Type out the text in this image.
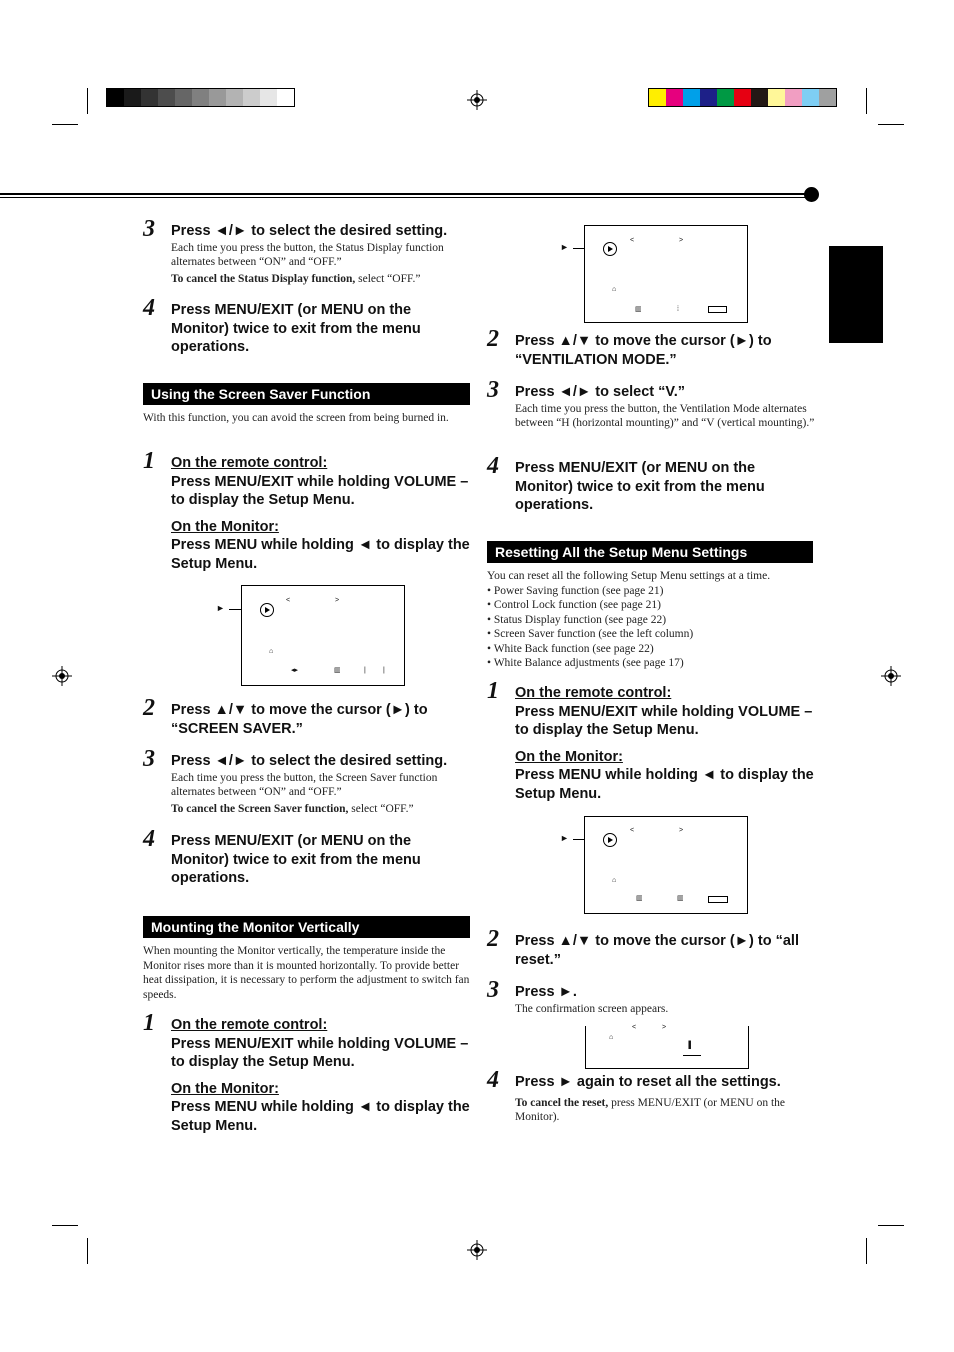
3 Press ◄/► to select the desired setting.
Each time you press the button, the Status Display function alternates between “ON” and “OFF.”
To cancel the Status Display function, select “OFF.”
4 Press MENU/EXIT (or MENU on the Monitor) twice to exit from the menu operations.
Using the Screen Saver Function
With this function, you can avoid the screen from being burned in.
1 On the remote control:
Press MENU/EXIT while holding VOLUME – to display the Setup Menu.
On the Monitor:
Press MENU while holding ◄ to display the Setup Menu.
►
<	>
⌂
◂▸	▥	| |
2 Press ▲/▼ to move the cursor (►) to “SCREEN SAVER.”
3 Press ◄/► to select the desired setting.
Each time you press the button, the Screen Saver function alternates between “ON” and “OFF.”
To cancel the Screen Saver function, select “OFF.”
4 Press MENU/EXIT (or MENU on the Monitor) twice to exit from the menu operations.
Mounting the Monitor Vertically
When mounting the Monitor vertically, the temperature inside the Monitor rises more than it is mounted horizontally. To provide better heat dissipation, it is necessary to perform the adjustment to switch fan speeds.
1 On the remote control:
Press MENU/EXIT while holding VOLUME – to display the Setup Menu.
On the Monitor:
Press MENU while holding ◄ to display the Setup Menu.
►
<	>
⌂
▥	⁞
2 Press ▲/▼ to move the cursor (►) to “VENTILATION MODE.”
3 Press ◄/► to select “V.”
Each time you press the button, the Ventilation Mode alternates between “H (horizontal mounting)” and “V (vertical mounting).”
4 Press MENU/EXIT (or MENU on the Monitor) twice to exit from the menu operations.
Resetting All the Setup Menu Settings
You can reset all the following Setup Menu settings at a time.
• Power Saving function (see page 21)
• Control Lock function (see page 21)
• Status Display function (see page 22)
• Screen Saver function (see the left column)
• White Back function (see page 22)
• White Balance adjustments (see page 17)
1 On the remote control:
Press MENU/EXIT while holding VOLUME – to display the Setup Menu.
On the Monitor:
Press MENU while holding ◄ to display the Setup Menu.
►
<	>
⌂
▥	▥
2 Press ▲/▼ to move the cursor (►) to “all reset.”
3 Press ►.
The confirmation screen appears.
<	>
⌂
▐
4 Press ► again to reset all the settings.
To cancel the reset, press MENU/EXIT (or MENU on the Monitor).
